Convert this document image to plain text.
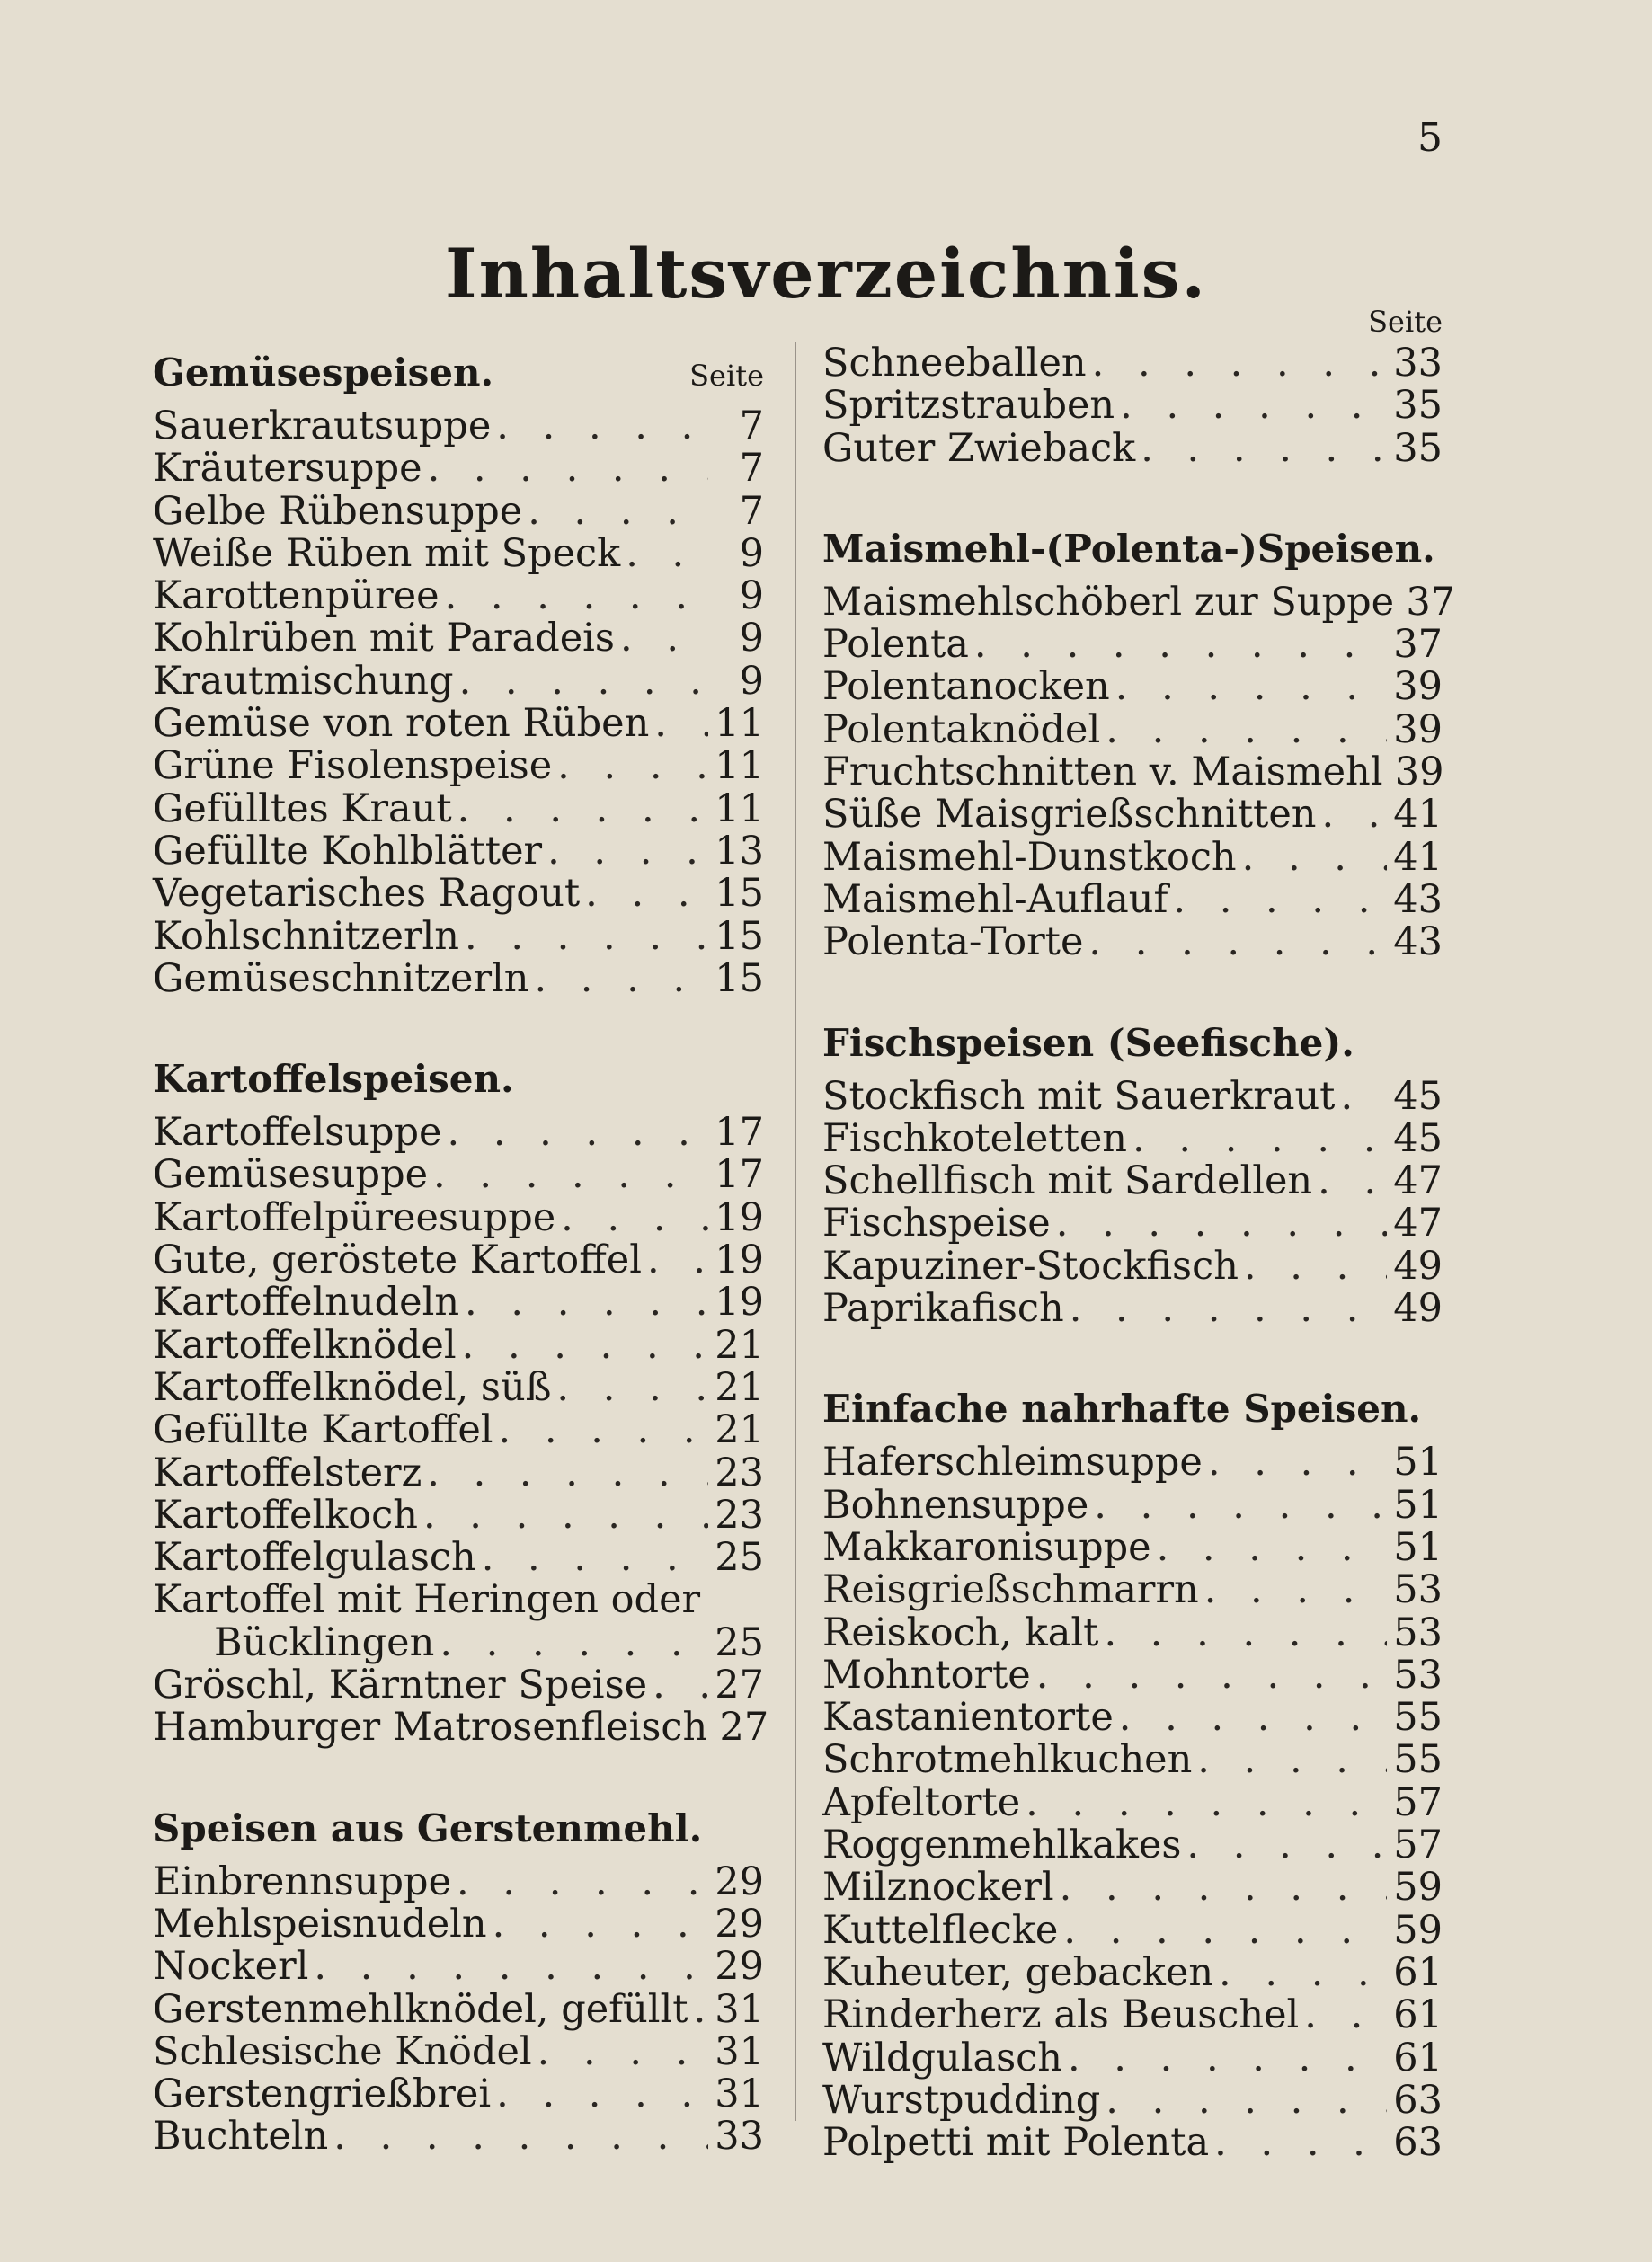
5
Inhaltsverzeichnis.
Gemüsespeisen.	Seite
Sauerkrautsuppe . . .	7
Kräutersuppe . . .	7
Gelbe Rübensuppe . . .	7
Weiße Rüben mit Speck . . .	9
Karottenpüree . . .	9
Kohlrüben mit Paradeis . . .	9
Krautmischung . . .	9
Gemüse von roten Rüben . . . 11
Grüne Fisolenspeise . . .	11
Gefülltes Kraut . . .	11
Gefüllte Kohlblätter . . .	13
Vegetarisches Ragout . . .	15
Kohlschnitzerln . . .	15
Gemüseschnitzerln . . .	15
Kartoffelspeisen.
Kartoffelsuppe . . .	17
Gemüsesuppe . . .	17
Kartoffelpüreesuppe . . .	19
Gute, geröstete Kartoffel . . . 19
Kartoffelnudeln . . .	19
Kartoffelknödel . . .	21
Kartoffelknödel, süß . . .	21
Gefüllte Kartoffel . . .	21
Kartoffelsterz . . .	23
Kartoffelkoch . . .	23
Kartoffelgulasch . . .	25
Kartoffel mit Heringen oder
Bücklingen . . .	25
Gröschl, Kärntner Speise . . . 27
Hamburger Matrosenfleisch 27
Speisen aus Gerstenmehl.
Einbrennsuppe . . .	29
Mehlspeisnudeln . . .	29
Nockerl . . .	29
Gerstenmehlknödel, gefüllt . . . 31
Schlesische Knödel . . .	31
Gerstengrießbrei . . .	31
Buchteln . . .	33
Seite
Schneeballen . . .	33
Spritzstrauben . . .	35
Guter Zwieback . . .	35
Maismehl-(Polenta-)Speisen.
Maismehlschöberl zur Suppe 37
Polenta . . .	37
Polentanocken . . .	39
Polentaknödel . . .	39
Fruchtschnitten v. Maismehl 39
Süße Maisgrießschnitten . . . 41
Maismehl-Dunstkoch . . .	41
Maismehl-Auflauf . . .	43
Polenta-Torte . . .	43
Fischspeisen (Seefische).
Stockfisch mit Sauerkraut . . . 45
Fischkoteletten . . .	45
Schellfisch mit Sardellen . . . 47
Fischspeise . . .	47
Kapuziner-Stockfisch . . .	49
Paprikafisch . . .	49
Einfache nahrhafte Speisen.
Haferschleimsuppe . . .	51
Bohnensuppe . . .	51
Makkaronisuppe . . .	51
Reisgrießschmarrn . . .	53
Reiskoch, kalt . . .	53
Mohntorte . . .	53
Kastanientorte . . .	55
Schrotmehlkuchen . . .	55
Apfeltorte . . .	57
Roggenmehlkakes . . .	57
Milznockerl . . .	59
Kuttelflecke . . .	59
Kuheuter, gebacken . . .	61
Rinderherz als Beuschel . . . 61
Wildgulasch . . .	61
Wurstpudding . . .	63
Polpetti mit Polenta . . .	63
